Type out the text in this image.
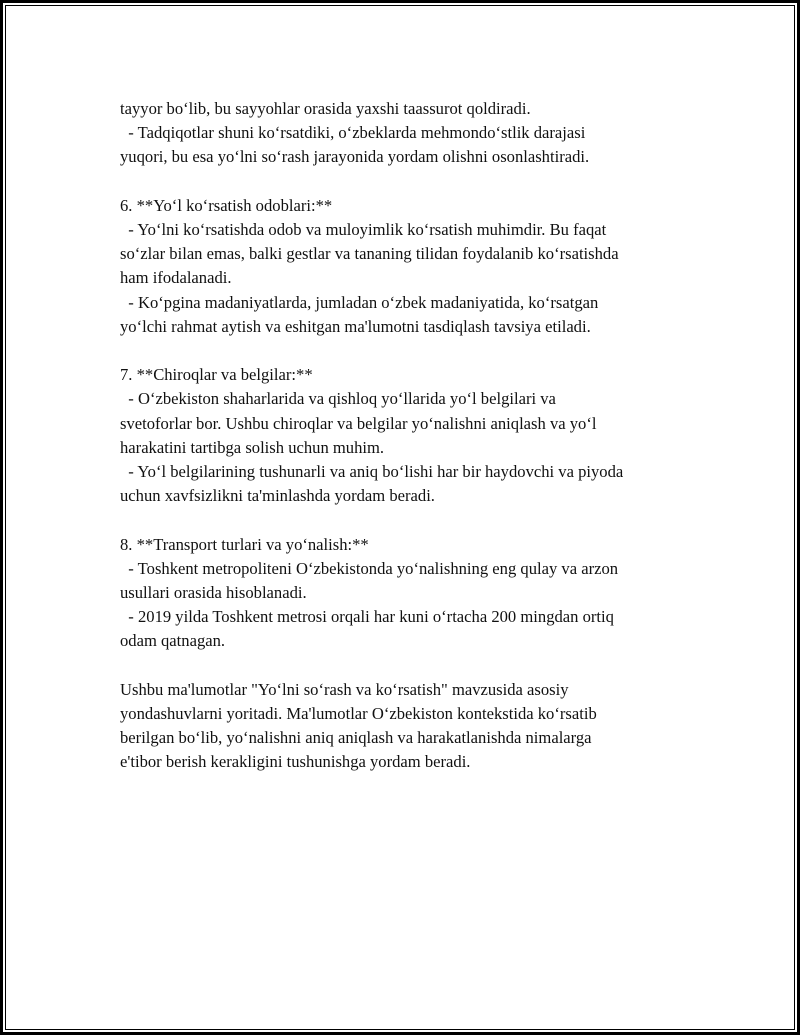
tayyor bo‘lib, bu sayyohlar orasida yaxshi taassurot qoldiradi.
- Tadqiqotlar shuni ko‘rsatdiki, o‘zbeklarda mehmondo‘stlik darajasi
yuqori, bu esa yo‘lni so‘rash jarayonida yordam olishni osonlashtiradi.
6. **Yo‘l ko‘rsatish odoblari:**
- Yo‘lni ko‘rsatishda odob va muloyimlik ko‘rsatish muhimdir. Bu faqat
so‘zlar bilan emas, balki gestlar va tananing tilidan foydalanib ko‘rsatishda
ham ifodalanadi.
- Ko‘pgina madaniyatlarda, jumladan o‘zbek madaniyatida, ko‘rsatgan
yo‘lchi rahmat aytish va eshitgan ma'lumotni tasdiqlash tavsiya etiladi.
7. **Chiroqlar va belgilar:**
- O‘zbekiston shaharlarida va qishloq yo‘llarida yo‘l belgilari va
svetoforlar bor. Ushbu chiroqlar va belgilar yo‘nalishni aniqlash va yo‘l
harakatini tartibga solish uchun muhim.
- Yo‘l belgilarining tushunarli va aniq bo‘lishi har bir haydovchi va piyoda
uchun xavfsizlikni ta'minlashda yordam beradi.
8. **Transport turlari va yo‘nalish:**
- Toshkent metropoliteni O‘zbekistonda yo‘nalishning eng qulay va arzon
usullari orasida hisoblanadi.
- 2019 yilda Toshkent metrosi orqali har kuni o‘rtacha 200 mingdan ortiq
odam qatnagan.
Ushbu ma'lumotlar "Yo‘lni so‘rash va ko‘rsatish" mavzusida asosiy
yondashuvlarni yoritadi. Ma'lumotlar O‘zbekiston kontekstida ko‘rsatib
berilgan bo‘lib, yo‘nalishni aniq aniqlash va harakatlanishda nimalarga
e'tibor berish kerakligini tushunishga yordam beradi.
